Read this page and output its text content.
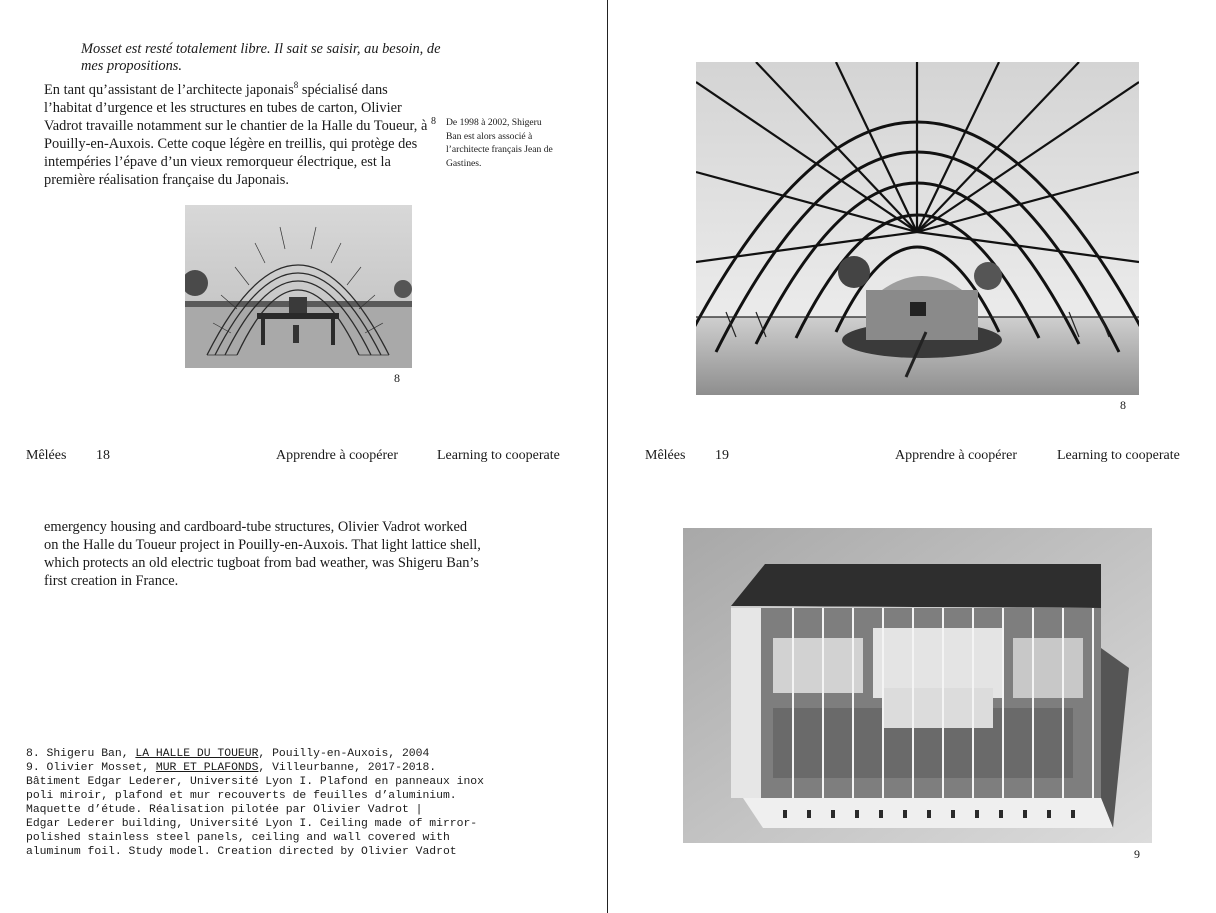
Mosset est resté totalement libre. Il sait se saisir, au besoin, de mes propositions.
En tant qu’assistant de l’architecte japonais$^8$ spécialisé dans l’habitat d’urgence et les structures en tubes de carton, Olivier Vadrot travaille notamment sur le chantier de la Halle du Toueur, à Pouilly-en-Auxois. Cette coque légère en treillis, qui protège des intempéries l’épave d’un vieux remorqueur électrique, est la première réalisation française du Japonais.
8 De 1998 à 2002, Shigeru Ban est alors associé à l’architecte français Jean de Gastines.
8
Mêlées 18	Apprendre à coopérer	Learning to cooperate
emergency housing and cardboard-tube structures, Olivier Vadrot worked on the Halle du Toueur project in Pouilly-en-Auxois. That light lattice shell, which protects an old electric tugboat from bad weather, was Shigeru Ban’s first creation in France.
8. Shigeru Ban, LA HALLE DU TOUEUR, Pouilly-en-Auxois, 2004
9. Olivier Mosset, MUR ET PLAFONDS, Villeurbanne, 2017-2018.
Bâtiment Edgar Lederer, Université Lyon I. Plafond en panneaux inox poli miroir, plafond et mur recouverts de feuilles d’aluminium. Maquette d’étude. Réalisation pilotée par Olivier Vadrot |
Edgar Lederer building, Université Lyon I. Ceiling made of mirror-polished stainless steel panels, ceiling and wall covered with aluminum foil. Study model. Creation directed by Olivier Vadrot
8
Mêlées 19	Apprendre à coopérer	Learning to cooperate
9
